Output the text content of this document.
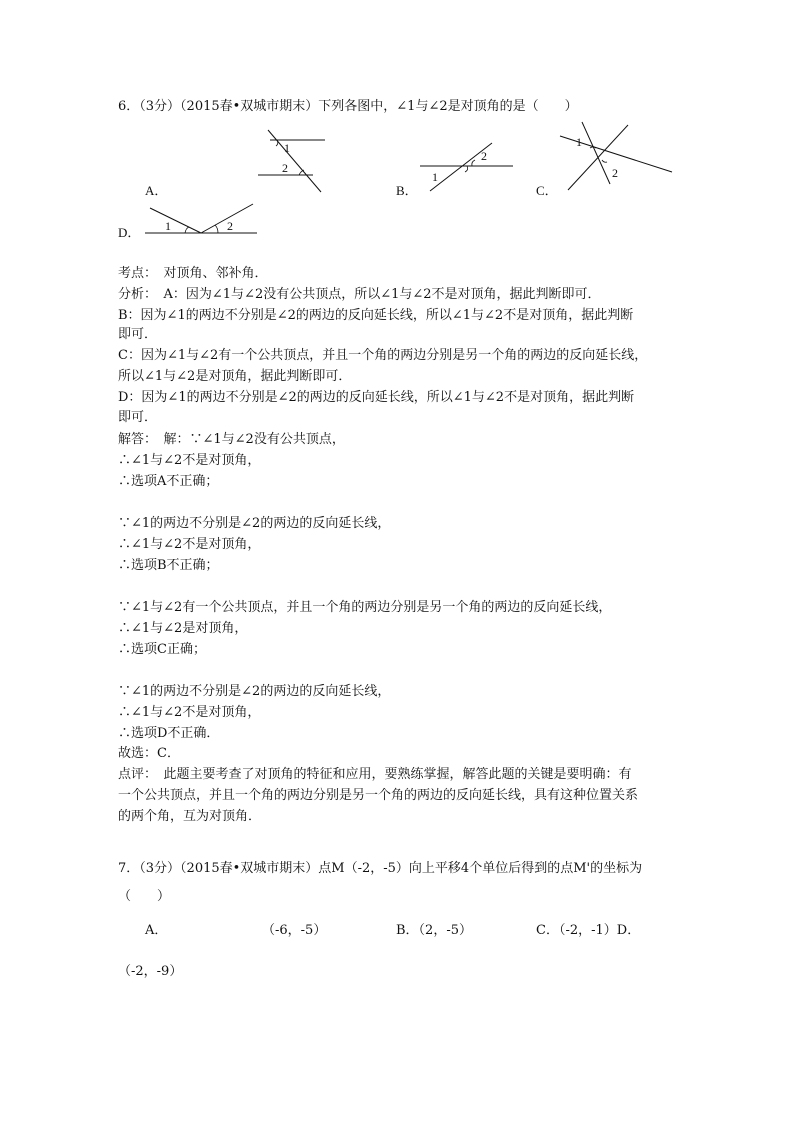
6．（3分）（2015春•双城市期末）下列各图中，∠1与∠2是对顶角的是（　　）
1
2
A．
1
2
B．
1
2
C．
1	2
D．
考点：　对顶角、邻补角．
分析：　A：因为∠1与∠2没有公共顶点，所以∠1与∠2不是对顶角，据此判断即可．
B：因为∠1的两边不分别是∠2的两边的反向延长线，所以∠1与∠2不是对顶角，据此判断
即可．
C：因为∠1与∠2有一个公共顶点，并且一个角的两边分别是另一个角的两边的反向延长线，
所以∠1与∠2是对顶角，据此判断即可．
D：因为∠1的两边不分别是∠2的两边的反向延长线，所以∠1与∠2不是对顶角，据此判断
即可．
解答：　解：∵∠1与∠2没有公共顶点，
∴∠1与∠2不是对顶角，
∴选项A不正确；
∵∠1的两边不分别是∠2的两边的反向延长线，
∴∠1与∠2不是对顶角，
∴选项B不正确；
∵∠1与∠2有一个公共顶点，并且一个角的两边分别是另一个角的两边的反向延长线，
∴∠1与∠2是对顶角，
∴选项C正确；
∵∠1的两边不分别是∠2的两边的反向延长线，
∴∠1与∠2不是对顶角，
∴选项D不正确．
故选：C．
点评：　此题主要考查了对顶角的特征和应用，要熟练掌握，解答此题的关键是要明确：有
一个公共顶点，并且一个角的两边分别是另一个角的两边的反向延长线，具有这种位置关系
的两个角，互为对顶角．
7．（3分）（2015春•双城市期末）点M（-2，-5）向上平移4个单位后得到的点M'的坐标为
（　　）
A．	（-6，-5）	B．（2，-5）	C．（-2，-1）D．
（-2，-9）
